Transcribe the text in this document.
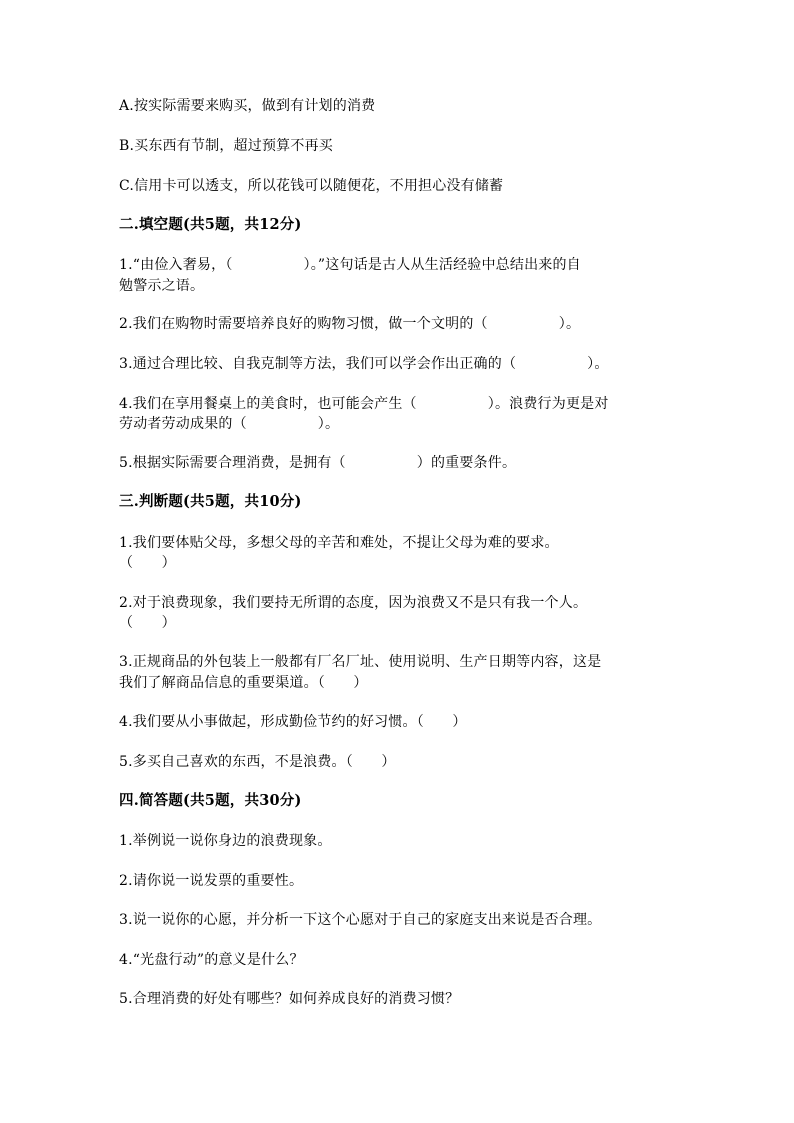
A.按实际需要来购买，做到有计划的消费
B.买东西有节制，超过预算不再买
C.信用卡可以透支，所以花钱可以随便花，不用担心没有储蓄
二.填空题(共5题，共12分)
1.“由俭入奢易，（　　　　　）。”这句话是古人从生活经验中总结出来的自
勉警示之语。
2.我们在购物时需要培养良好的购物习惯，做一个文明的（　　　　　）。
3.通过合理比较、自我克制等方法，我们可以学会作出正确的（　　　　　）。
4.我们在享用餐桌上的美食时，也可能会产生（　　　　　）。浪费行为更是对
劳动者劳动成果的（　　　　　）。
5.根据实际需要合理消费，是拥有（　　　　　）的重要条件。
三.判断题(共5题，共10分)
1.我们要体贴父母，多想父母的辛苦和难处，不提让父母为难的要求。
（　　）
2.对于浪费现象，我们要持无所谓的态度，因为浪费又不是只有我一个人。
（　　）
3.正规商品的外包装上一般都有厂名厂址、使用说明、生产日期等内容，这是
我们了解商品信息的重要渠道。（　　）
4.我们要从小事做起，形成勤俭节约的好习惯。（　　）
5.多买自己喜欢的东西，不是浪费。（　　）
四.简答题(共5题，共30分)
1.举例说一说你身边的浪费现象。
2.请你说一说发票的重要性。
3.说一说你的心愿，并分析一下这个心愿对于自己的家庭支出来说是否合理。
4.“光盘行动”的意义是什么？
5.合理消费的好处有哪些？如何养成良好的消费习惯？
